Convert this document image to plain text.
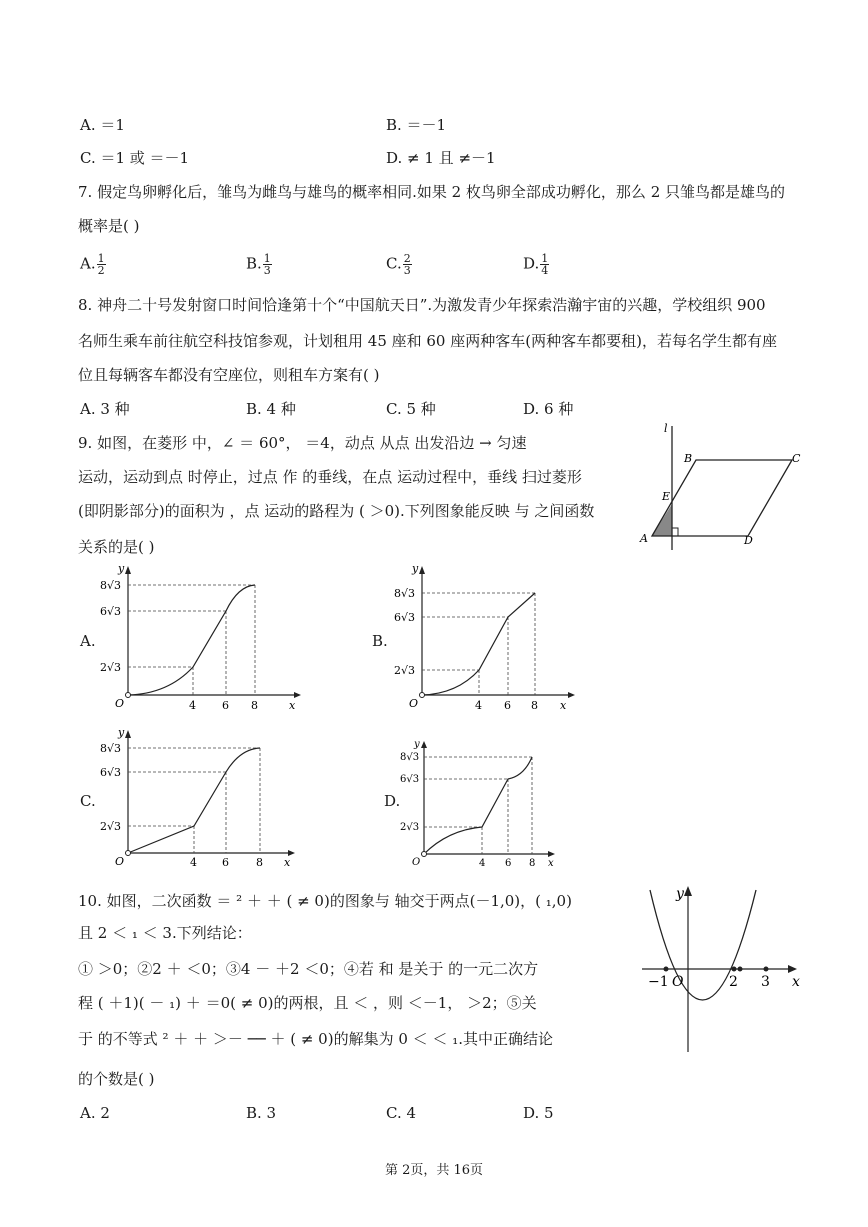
A. ＝1	B. ＝－1
C. ＝1 或 ＝－1	D. ≠ 1 且 ≠－1
7. 假定鸟卵孵化后，雏鸟为雌鸟与雄鸟的概率相同.如果 2 枚鸟卵全部成功孵化，那么 2 只雏鸟都是雄鸟的
概率是( )
A. $\frac{1}{2}$	B. $\frac{1}{3}$	C. $\frac{2}{3}$	D. $\frac{1}{4}$
8. 神舟二十号发射窗口时间恰逢第十个“中国航天日”.为激发青少年探索浩瀚宇宙的兴趣，学校组织 900
名师生乘车前往航空科技馆参观，计划租用 45 座和 60 座两种客车(两种客车都要租)，若每名学生都有座
位且每辆客车都没有空座位，则租车方案有( )
A. 3 种	B. 4 种	C. 5 种	D. 6 种
9. 如图，在菱形 中，∠ ＝ 60°， ＝4，动点 从点 出发沿边 → 匀速
运动，运动到点 时停止，过点 作 的垂线，在点 运动过程中，垂线 扫过菱形
(即阴影部分)的面积为 ，点 运动的路程为 ( ＞0).下列图象能反映 与 之间函数
关系的是( )
l
A
B	C
D
E
A.	B.
C.	D.
8√3
6√3
2√3
4 6 8
O	x
y
8√3
6√3
2√3
4 6 8
O	x
y
8√3
6√3
2√3
4 6 8
O	x
y
8√3
6√3
2√3
4 6 8
O	x
y
10. 如图，二次函数 ＝ ² ＋ ＋ ( ≠ 0)的图象与 轴交于两点(－1,0)，( ₁,0)
且 2 ＜ ₁ ＜ 3.下列结论：
① ＞0；②2 ＋ ＜0；③4 － ＋2 ＜0；④若 和 是关于 的一元二次方
程 ( ＋1)( － ₁) ＋ ＝0( ≠ 0)的两根，且 ＜ ，则 ＜－1， ＞2；⑤关
于 的不等式 ² ＋ ＋ ＞－ ── ＋ ( ≠ 0)的解集为 0 ＜ ＜ ₁.其中正确结论
的个数是( )
A. 2	B. 3	C. 4	D. 5
y
x
O
−1	2 3
第 2页，共 16页
